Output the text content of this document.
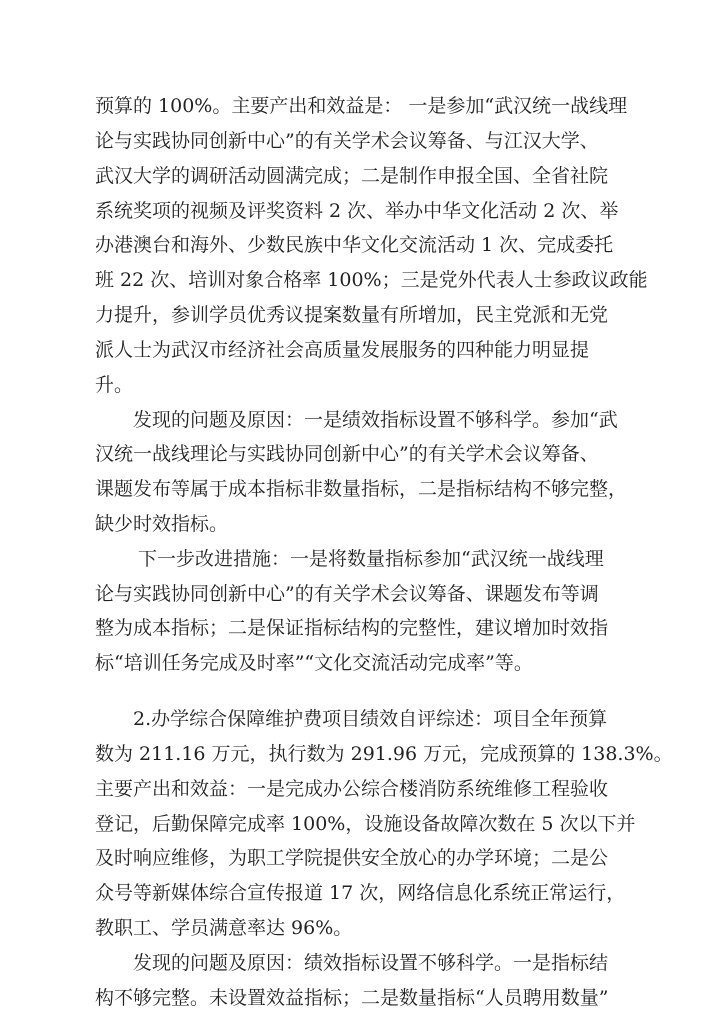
预算的 100%。主要产出和效益是： 一是参加“武汉统一战线理
论与实践协同创新中心”的有关学术会议筹备、与江汉大学、
武汉大学的调研活动圆满完成；二是制作申报全国、全省社院
系统奖项的视频及评奖资料 2 次、举办中华文化活动 2 次、举
办港澳台和海外、少数民族中华文化交流活动 1 次、完成委托
班 22 次、培训对象合格率 100%；三是党外代表人士参政议政能
力提升，参训学员优秀议提案数量有所增加，民主党派和无党
派人士为武汉市经济社会高质量发展服务的四种能力明显提
升。
发现的问题及原因：一是绩效指标设置不够科学。参加“武
汉统一战线理论与实践协同创新中心”的有关学术会议筹备、
课题发布等属于成本指标非数量指标，二是指标结构不够完整，
缺少时效指标。
下一步改进措施：一是将数量指标参加“武汉统一战线理
论与实践协同创新中心”的有关学术会议筹备、课题发布等调
整为成本指标；二是保证指标结构的完整性，建议增加时效指
标“培训任务完成及时率”“文化交流活动完成率”等。
2.办学综合保障维护费项目绩效自评综述：项目全年预算
数为 211.16 万元，执行数为 291.96 万元，完成预算的 138.3%。
主要产出和效益：一是完成办公综合楼消防系统维修工程验收
登记，后勤保障完成率 100%，设施设备故障次数在 5 次以下并
及时响应维修，为职工学院提供安全放心的办学环境；二是公
众号等新媒体综合宣传报道 17 次，网络信息化系统正常运行，
教职工、学员满意率达 96%。
发现的问题及原因：绩效指标设置不够科学。一是指标结
构不够完整。未设置效益指标；二是数量指标“人员聘用数量”
